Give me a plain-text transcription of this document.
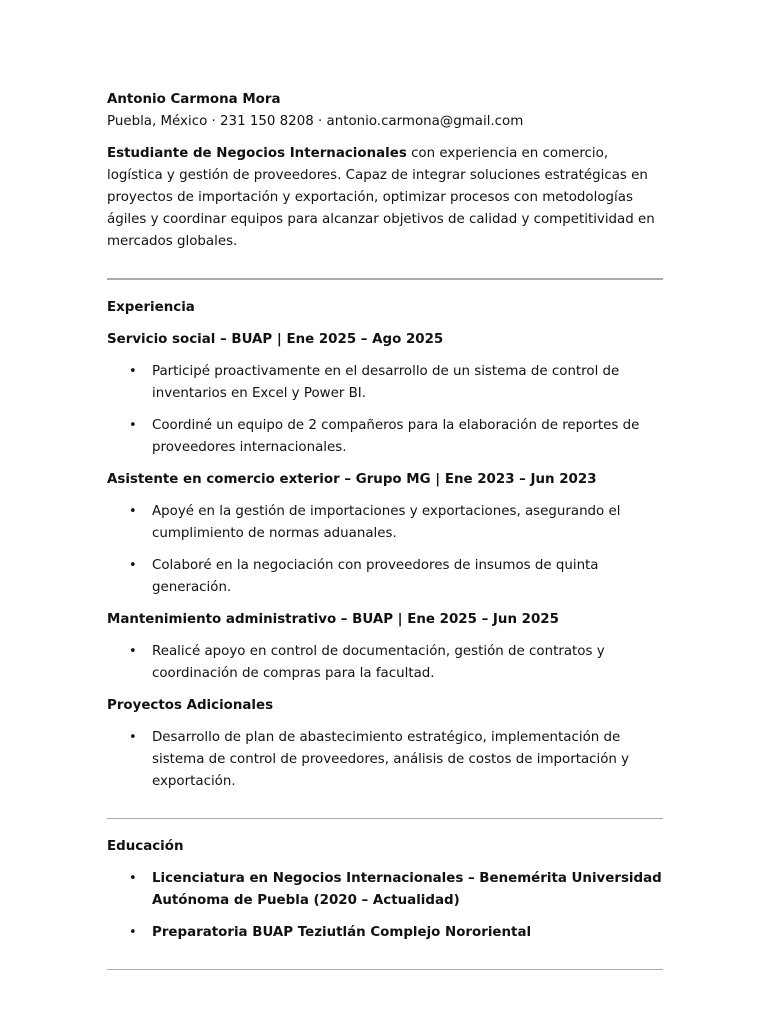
Antonio Carmona Mora

Puebla, México · 231 150 8208 · antonio.carmona@gmail.com

Estudiante de Negocios Internacionales con experiencia en comercio, logística y gestión de proveedores. Capaz de integrar soluciones estratégicas en proyectos de importación y exportación, optimizar procesos con metodologías ágiles y coordinar equipos para alcanzar objetivos de calidad y competitividad en mercados globales.

Experiencia

Servicio social – BUAP | Ene 2025 – Ago 2025

• Participé proactivamente en el desarrollo de un sistema de control de inventarios en Excel y Power BI.
• Coordiné un equipo de 2 compañeros para la elaboración de reportes de proveedores internacionales.

Asistente en comercio exterior – Grupo MG | Ene 2023 – Jun 2023

• Apoyé en la gestión de importaciones y exportaciones, asegurando el cumplimiento de normas aduanales.
• Colaboré en la negociación con proveedores de insumos de quinta generación.

Mantenimiento administrativo – BUAP | Ene 2025 – Jun 2025

• Realicé apoyo en control de documentación, gestión de contratos y coordinación de compras para la facultad.

Proyectos Adicionales

• Desarrollo de plan de abastecimiento estratégico, implementación de sistema de control de proveedores, análisis de costos de importación y exportación.

Educación

• Licenciatura en Negocios Internacionales – Benemérita Universidad Autónoma de Puebla (2020 – Actualidad)
• Preparatoria BUAP Teziutlán Complejo Nororiental
